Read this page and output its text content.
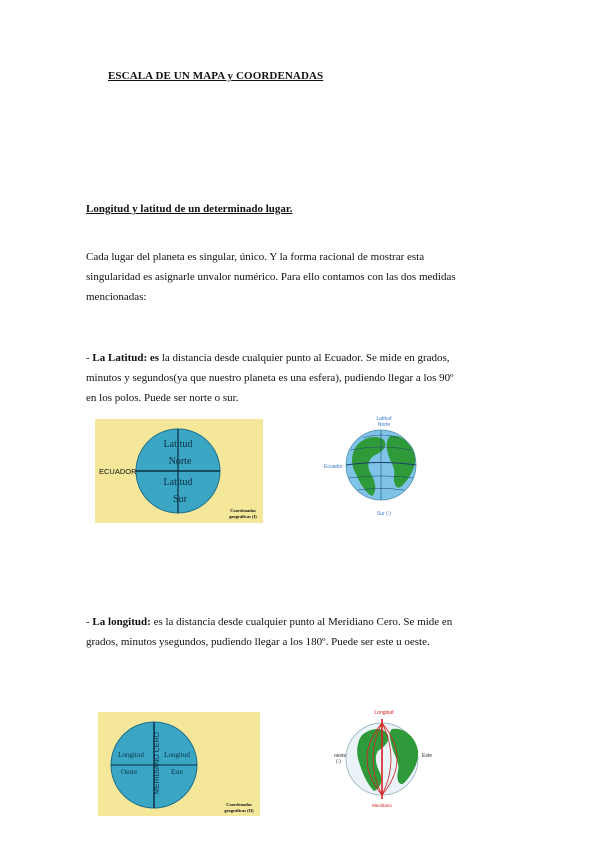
ESCALA DE UN MAPA y COORDENADAS
Longitud y latitud de un determinado lugar.
Cada lugar del planeta es singular, único. Y la forma racional de mostrar esta
singularidad es asignarle unvalor numérico. Para ello contamos con las dos medidas
mencionadas:
- La Latitud: es la distancia desde cualquier punto al Ecuador. Se mide en grados,
minutos y segundos(ya que nuestro planeta es una esfera), pudiendo llegar a los 90º
en los polos. Puede ser norte o sur.
ECUADOR
Latitud
Norte
Latitud
Sur
Coordenadas
geográficas (I)
Latitud
Norte
Ecuador
Sur (-)
- La longitud: es la distancia desde cualquier punto al Meridiano Cero. Se mide en
grados, minutos ysegundos, pudiendo llegar a los 180º. Puede ser este u oeste.
MERIDIANO CERO
Longitud
Oeste
Longitud
Este
Coordenadas
geográficas (II)
Longitud
oeste
(-)
Este
Meridiano
